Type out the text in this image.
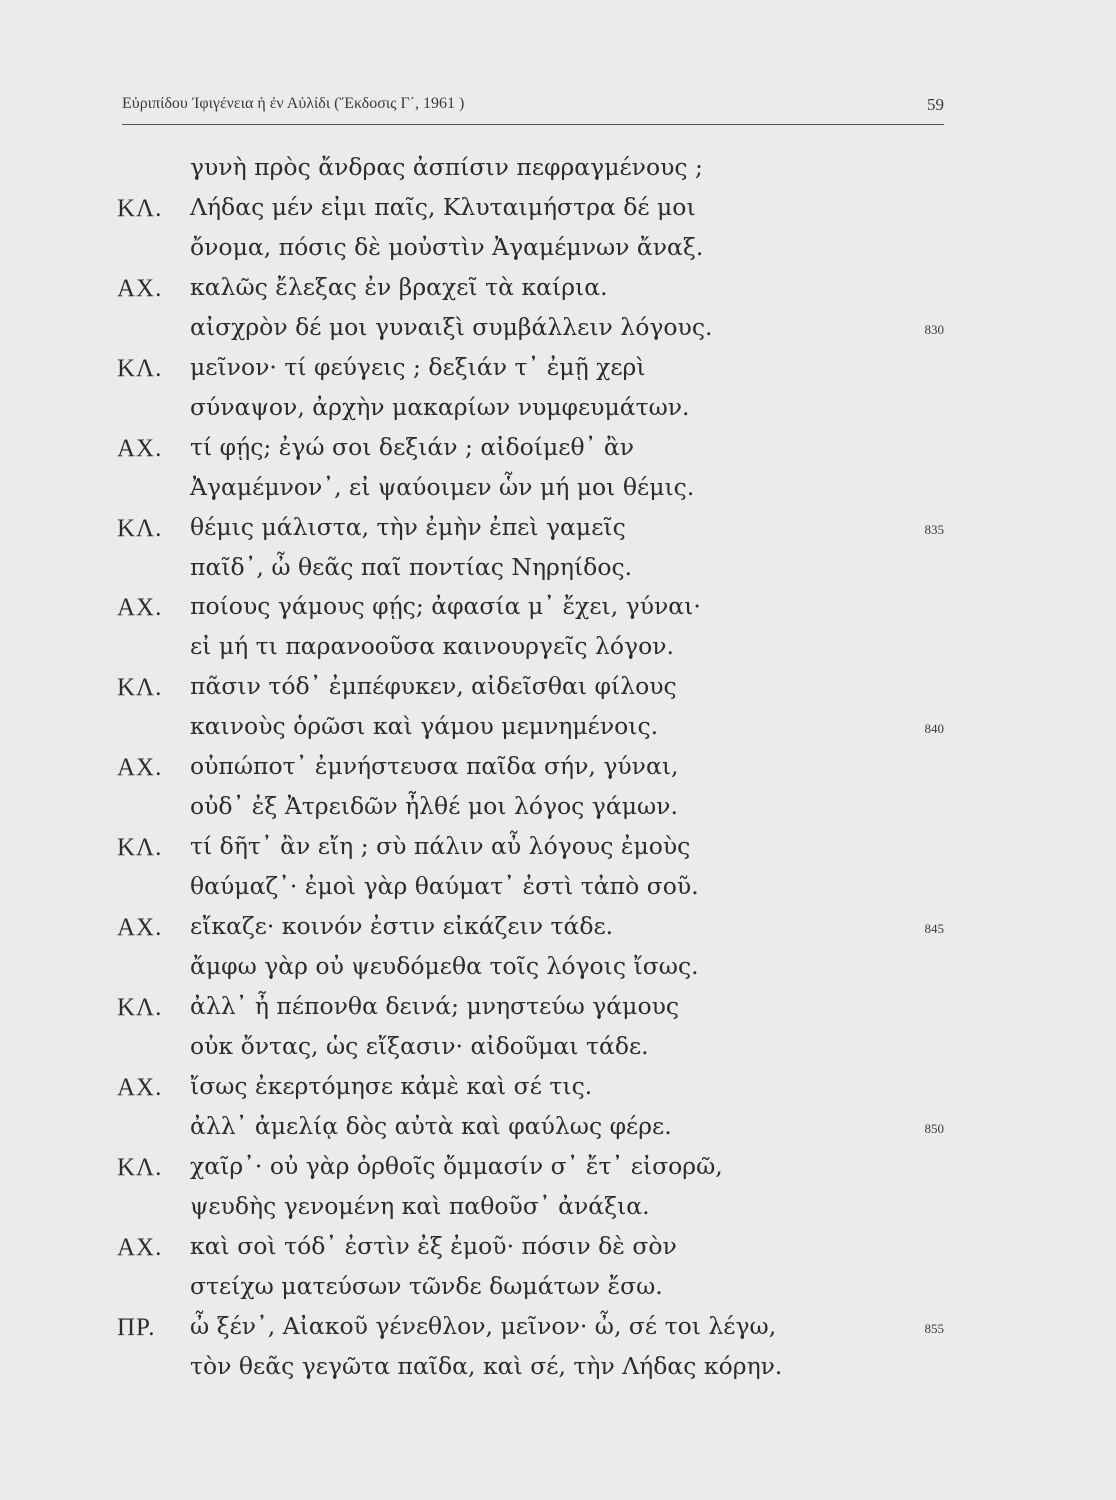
Εὐριπίδου Ἰφιγένεια ἡ ἐν Αὐλίδι (Ἔκδοσις Γ΄, 1961 )	59
γυνὴ πρὸς ἄνδρας ἀσπίσιν πεφραγμένους ;
ΚΛ. Λήδας μέν εἰμι παῖς, Κλυταιμήστρα δέ μοι
ὄνομα, πόσις δὲ μοὐστὶν Ἀγαμέμνων ἄναξ.
ΑΧ. καλῶς ἔλεξας ἐν βραχεῖ τὰ καίρια.
αἰσχρὸν δέ μοι γυναιξὶ συμβάλλειν λόγους.	830
ΚΛ. μεῖνον· τί φεύγεις ; δεξιάν τ᾽ ἐμῇ χερὶ
σύναψον, ἀρχὴν μακαρίων νυμφευμάτων.
ΑΧ. τί φῄς; ἐγώ σοι δεξιάν ; αἰδοίμεθ᾽ ἂν
Ἀγαμέμνον᾽, εἰ ψαύοιμεν ὧν μή μοι θέμις.
ΚΛ. θέμις μάλιστα, τὴν ἐμὴν ἐπεὶ γαμεῖς	835
παῖδ᾽, ὦ θεᾶς παῖ ποντίας Νηρηίδος.
ΑΧ. ποίους γάμους φῄς; ἀφασία μ᾽ ἔχει, γύναι·
εἰ μή τι παρανοοῦσα καινουργεῖς λόγον.
ΚΛ. πᾶσιν τόδ᾽ ἐμπέφυκεν, αἰδεῖσθαι φίλους
καινοὺς ὁρῶσι καὶ γάμου μεμνημένοις.	840
ΑΧ. οὐπώποτ᾽ ἐμνήστευσα παῖδα σήν, γύναι,
οὐδ᾽ ἐξ Ἀτρειδῶν ἦλθέ μοι λόγος γάμων.
ΚΛ. τί δῆτ᾽ ἂν εἴη ; σὺ πάλιν αὖ λόγους ἐμοὺς
θαύμαζ᾽· ἐμοὶ γὰρ θαύματ᾽ ἐστὶ τἀπὸ σοῦ.
ΑΧ. εἴκαζε· κοινόν ἐστιν εἰκάζειν τάδε.	845
ἄμφω γὰρ οὐ ψευδόμεθα τοῖς λόγοις ἴσως.
ΚΛ. ἀλλ᾽ ἦ πέπονθα δεινά; μνηστεύω γάμους
οὐκ ὄντας, ὡς εἴξασιν· αἰδοῦμαι τάδε.
ΑΧ. ἴσως ἐκερτόμησε κἀμὲ καὶ σέ τις.
ἀλλ᾽ ἀμελίᾳ δὸς αὐτὰ καὶ φαύλως φέρε.	850
ΚΛ. χαῖρ᾽· οὐ γὰρ ὀρθοῖς ὄμμασίν σ᾽ ἔτ᾽ εἰσορῶ,
ψευδὴς γενομένη καὶ παθοῦσ᾽ ἀνάξια.
ΑΧ. καὶ σοὶ τόδ᾽ ἐστὶν ἐξ ἐμοῦ· πόσιν δὲ σὸν
στείχω ματεύσων τῶνδε δωμάτων ἔσω.
ΠΡ. ὦ ξέν᾽, Αἰακοῦ γένεθλον, μεῖνον· ὦ, σέ τοι λέγω,	855
τὸν θεᾶς γεγῶτα παῖδα, καὶ σέ, τὴν Λήδας κόρην.
